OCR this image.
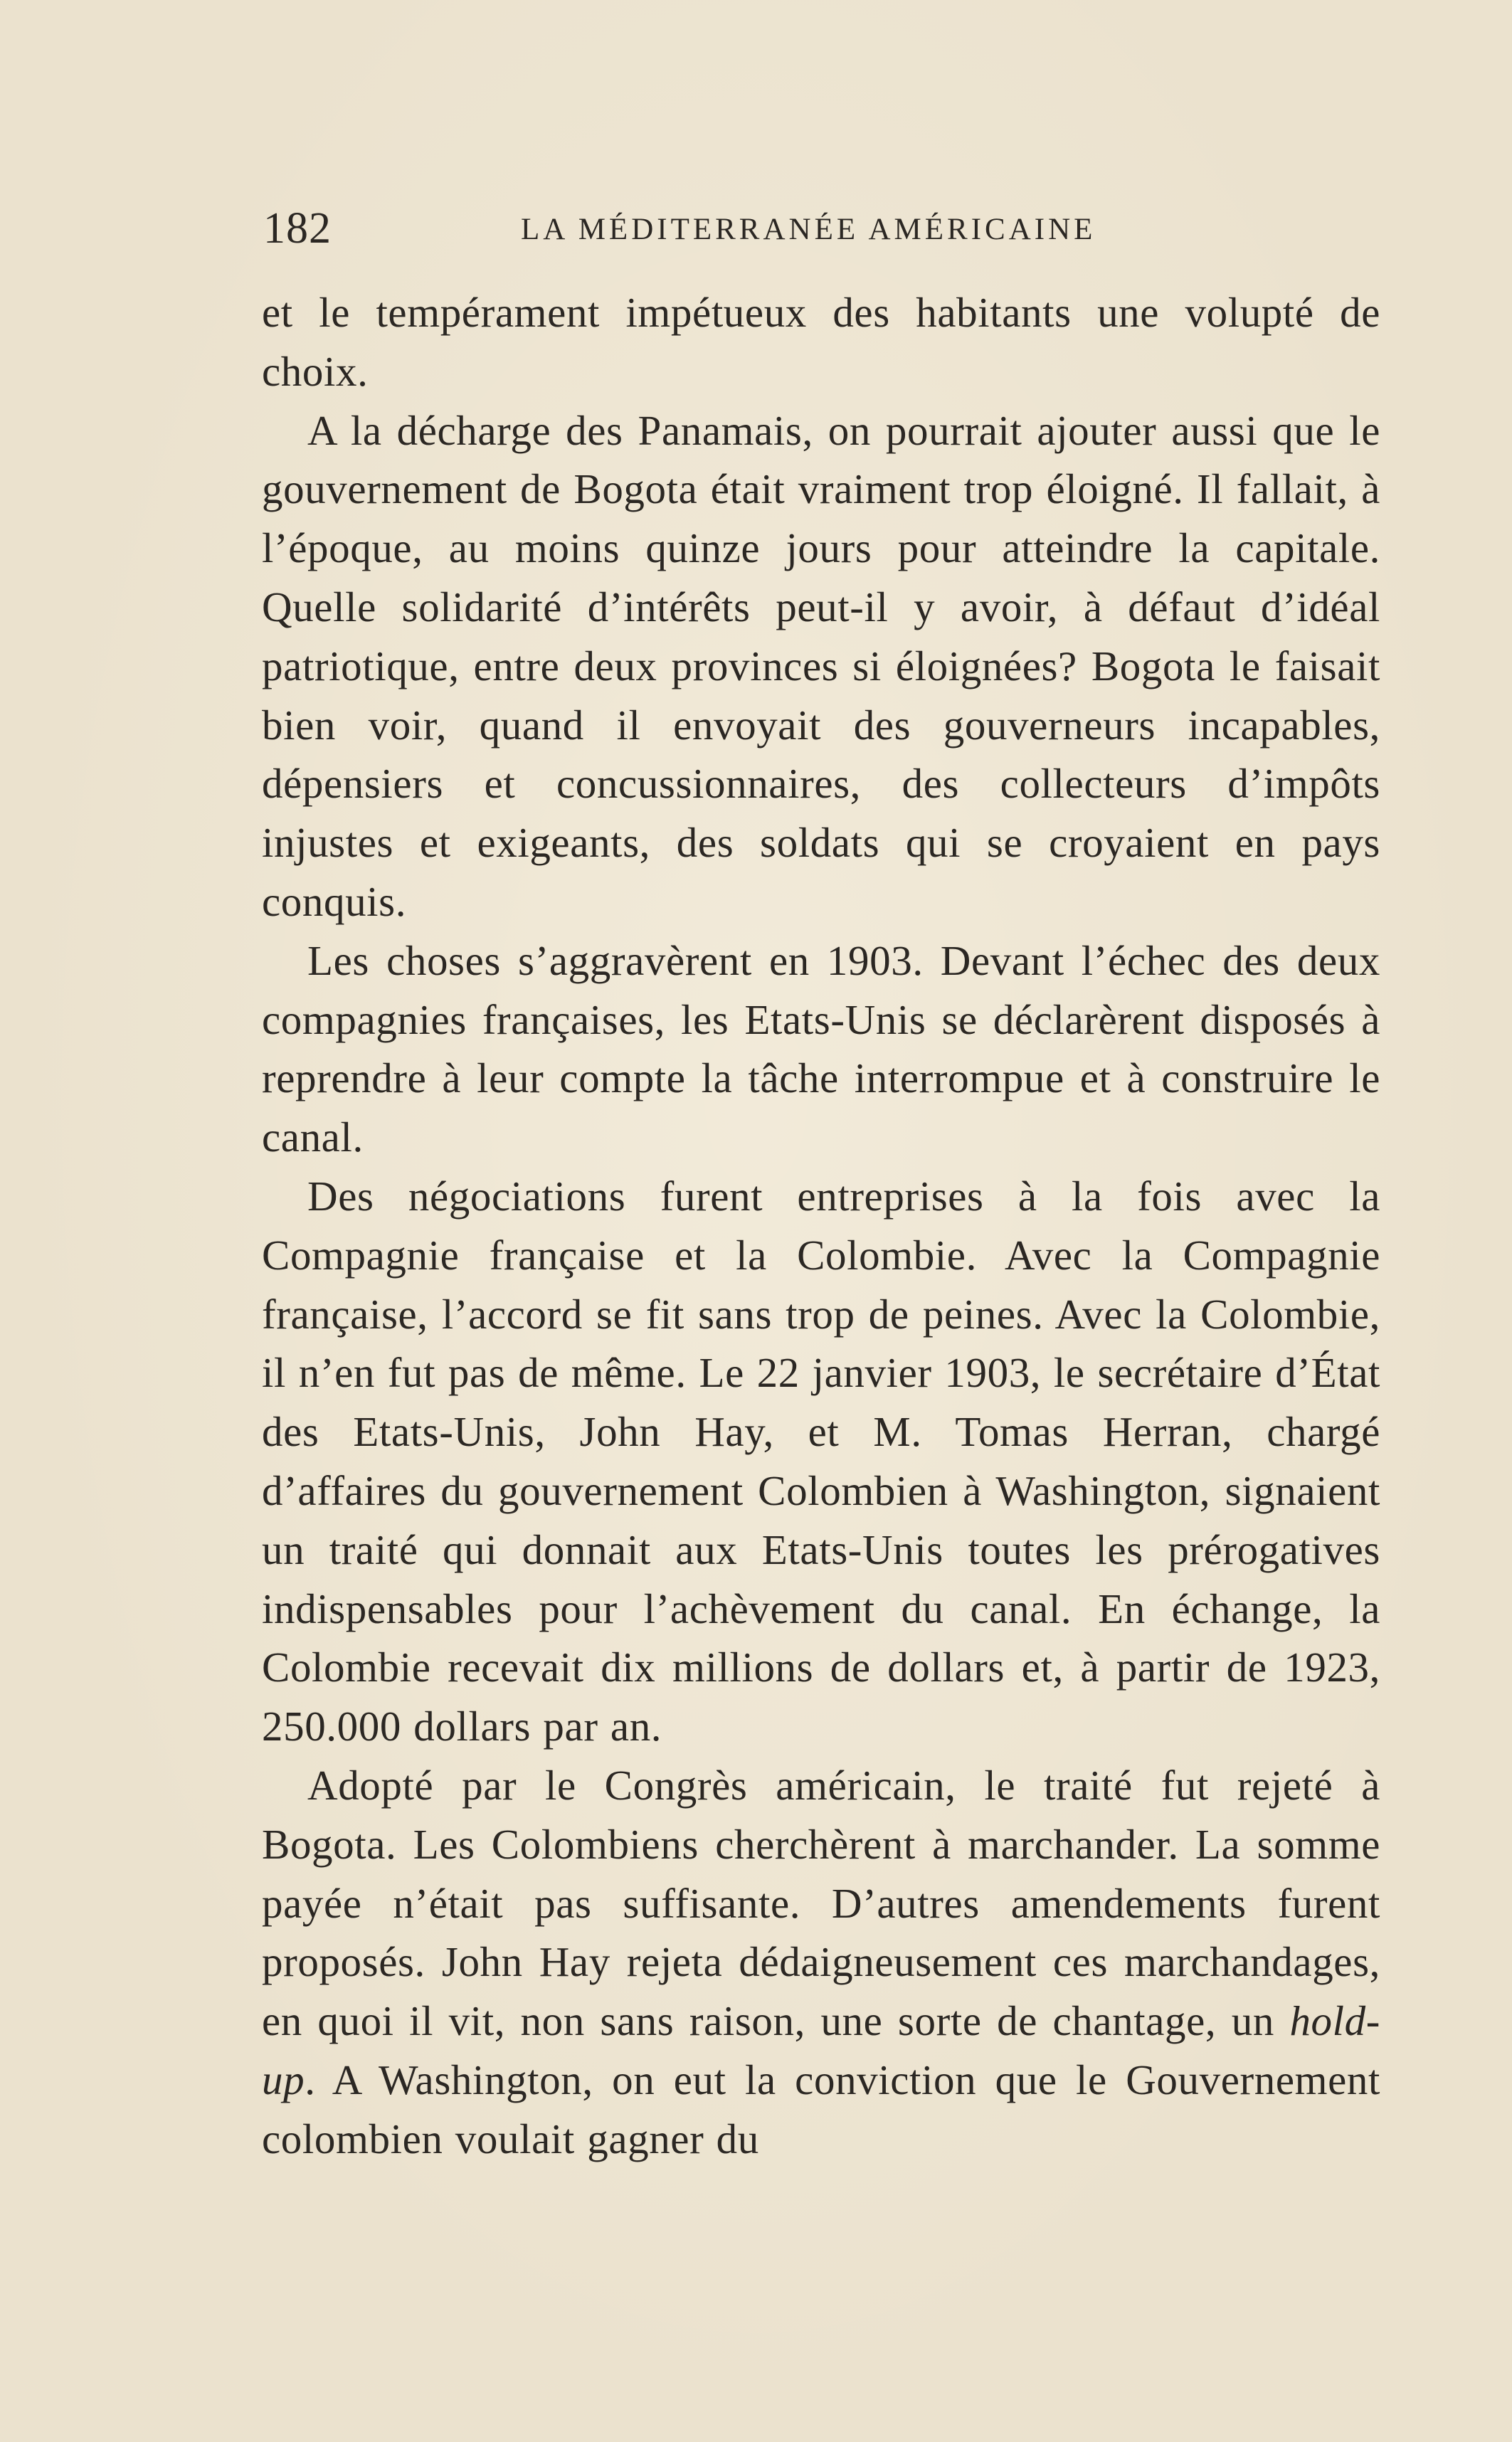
182	LA MÉDITERRANÉE AMÉRICAINE

et le tempérament impétueux des habitants une volupté de choix.

A la décharge des Panamais, on pourrait ajouter aussi que le gouvernement de Bogota était vraiment trop éloigné. Il fallait, à l’époque, au moins quinze jours pour atteindre la capitale. Quelle solidarité d’intérêts peut-il y avoir, à défaut d’idéal patriotique, entre deux provinces si éloignées? Bogota le faisait bien voir, quand il envoyait des gouverneurs incapables, dépensiers et concussionnaires, des collecteurs d’impôts injustes et exigeants, des soldats qui se croyaient en pays conquis.

Les choses s’aggravèrent en 1903. Devant l’échec des deux compagnies françaises, les Etats-Unis se déclarèrent disposés à reprendre à leur compte la tâche interrompue et à construire le canal.

Des négociations furent entreprises à la fois avec la Compagnie française et la Colombie. Avec la Compagnie française, l’accord se fit sans trop de peines. Avec la Colombie, il n’en fut pas de même. Le 22 janvier 1903, le secrétaire d’État des Etats-Unis, John Hay, et M. Tomas Herran, chargé d’affaires du gouvernement Colombien à Washington, signaient un traité qui donnait aux Etats-Unis toutes les prérogatives indispensables pour l’achèvement du canal. En échange, la Colombie recevait dix millions de dollars et, à partir de 1923, 250.000 dollars par an.

Adopté par le Congrès américain, le traité fut rejeté à Bogota. Les Colombiens cherchèrent à marchander. La somme payée n’était pas suffisante. D’autres amendements furent proposés. John Hay rejeta dédaigneusement ces marchandages, en quoi il vit, non sans raison, une sorte de chantage, un hold-up. A Washington, on eut la conviction que le Gouvernement colombien voulait gagner du
